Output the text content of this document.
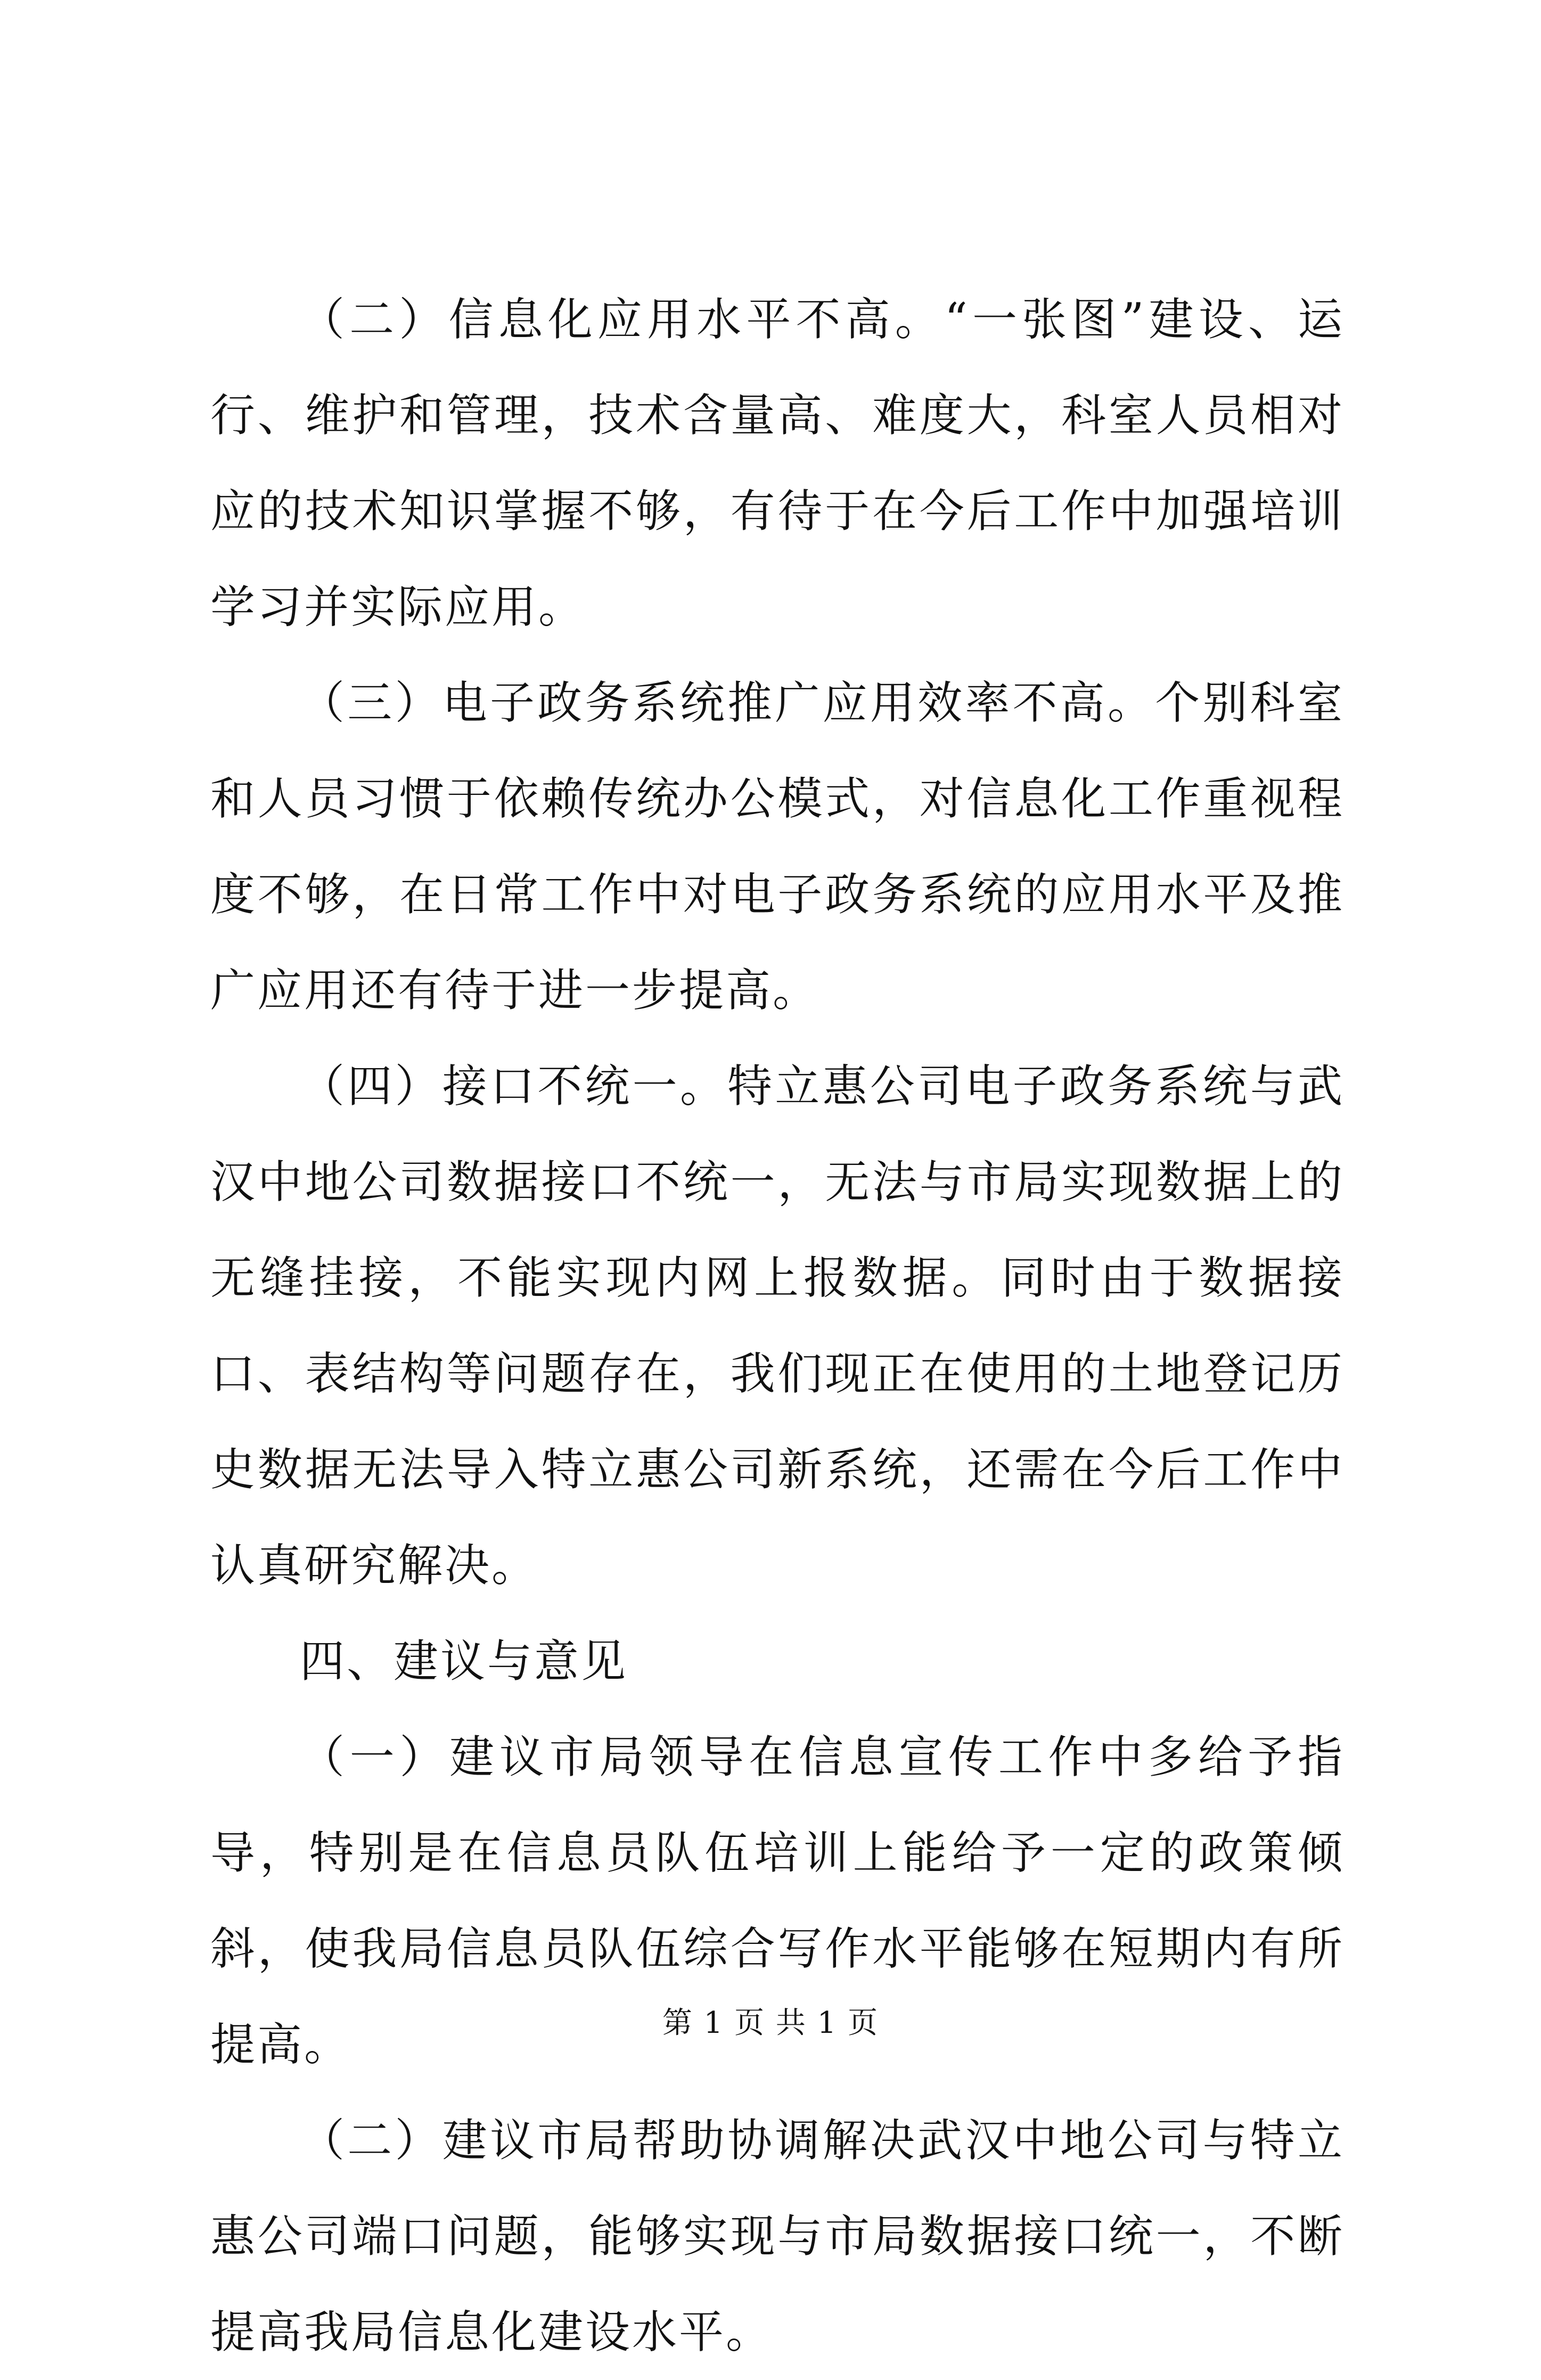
（二）信息化应用水平不高。“一张图”建设、运行、维护和管理，技术含量高、难度大，科室人员相对应的技术知识掌握不够，有待于在今后工作中加强培训学习并实际应用。

（三）电子政务系统推广应用效率不高。个别科室和人员习惯于依赖传统办公模式，对信息化工作重视程度不够，在日常工作中对电子政务系统的应用水平及推广应用还有待于进一步提高。

（四）接口不统一。特立惠公司电子政务系统与武汉中地公司数据接口不统一，无法与市局实现数据上的无缝挂接，不能实现内网上报数据。同时由于数据接口、表结构等问题存在，我们现正在使用的土地登记历史数据无法导入特立惠公司新系统，还需在今后工作中认真研究解决。

四、建议与意见

（一）建议市局领导在信息宣传工作中多给予指导，特别是在信息员队伍培训上能给予一定的政策倾斜，使我局信息员队伍综合写作水平能够在短期内有所提高。

（二）建议市局帮助协调解决武汉中地公司与特立惠公司端口问题，能够实现与市局数据接口统一，不断提高我局信息化建设水平。

第 1 页 共 1 页
